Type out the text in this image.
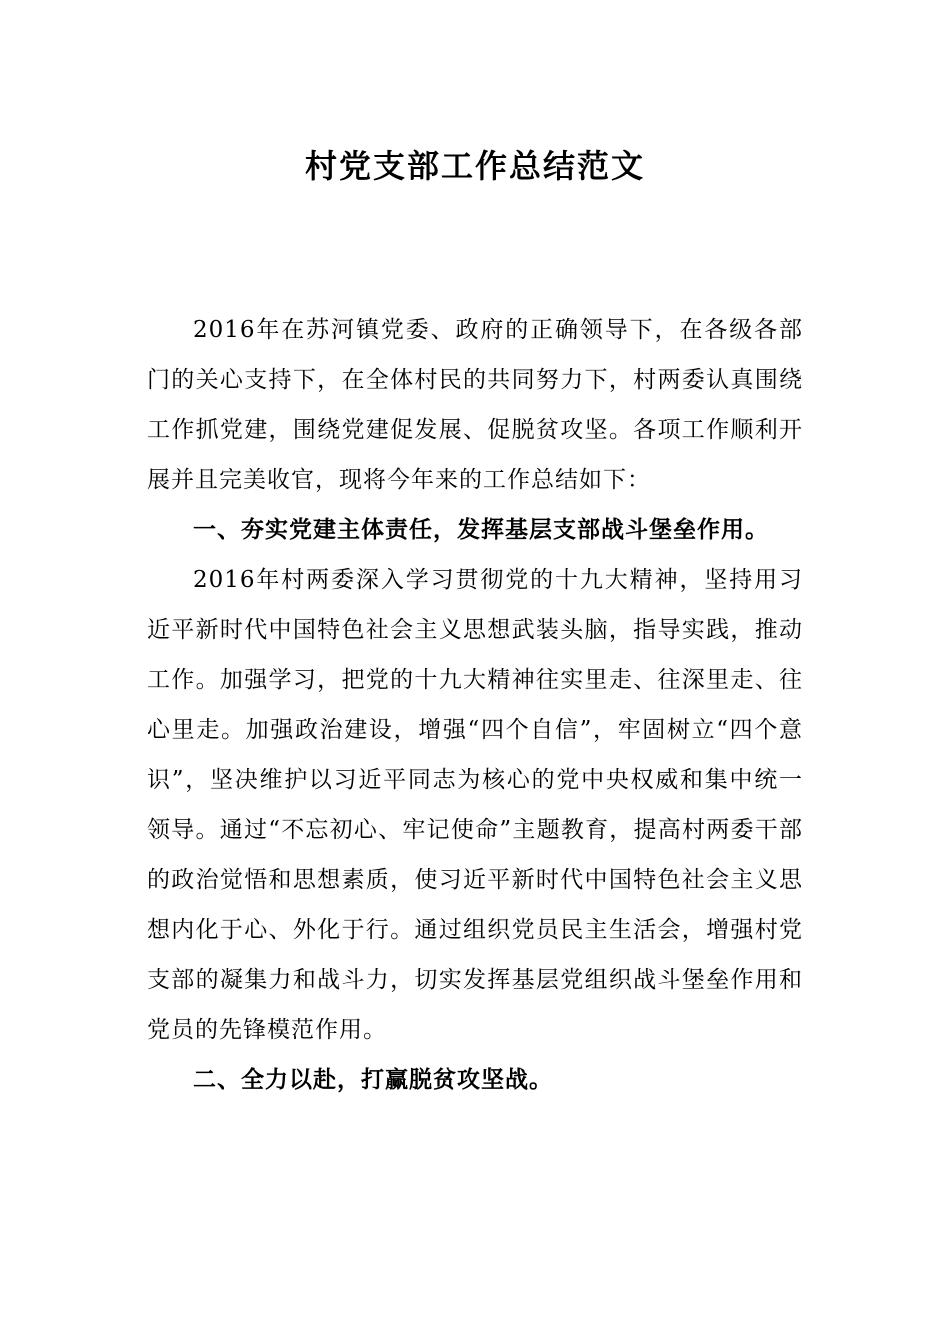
村党支部工作总结范文

2016年在苏河镇党委、政府的正确领导下，在各级各部门的关心支持下，在全体村民的共同努力下，村两委认真围绕工作抓党建，围绕党建促发展、促脱贫攻坚。各项工作顺利开展并且完美收官，现将今年来的工作总结如下：

一、夯实党建主体责任，发挥基层支部战斗堡垒作用。

2016年村两委深入学习贯彻党的十九大精神，坚持用习近平新时代中国特色社会主义思想武装头脑，指导实践，推动工作。加强学习，把党的十九大精神往实里走、往深里走、往心里走。加强政治建设，增强“四个自信”，牢固树立“四个意识”，坚决维护以习近平同志为核心的党中央权威和集中统一领导。通过“不忘初心、牢记使命”主题教育，提高村两委干部的政治觉悟和思想素质，使习近平新时代中国特色社会主义思想内化于心、外化于行。通过组织党员民主生活会，增强村党支部的凝集力和战斗力，切实发挥基层党组织战斗堡垒作用和党员的先锋模范作用。

二、全力以赴，打赢脱贫攻坚战。
